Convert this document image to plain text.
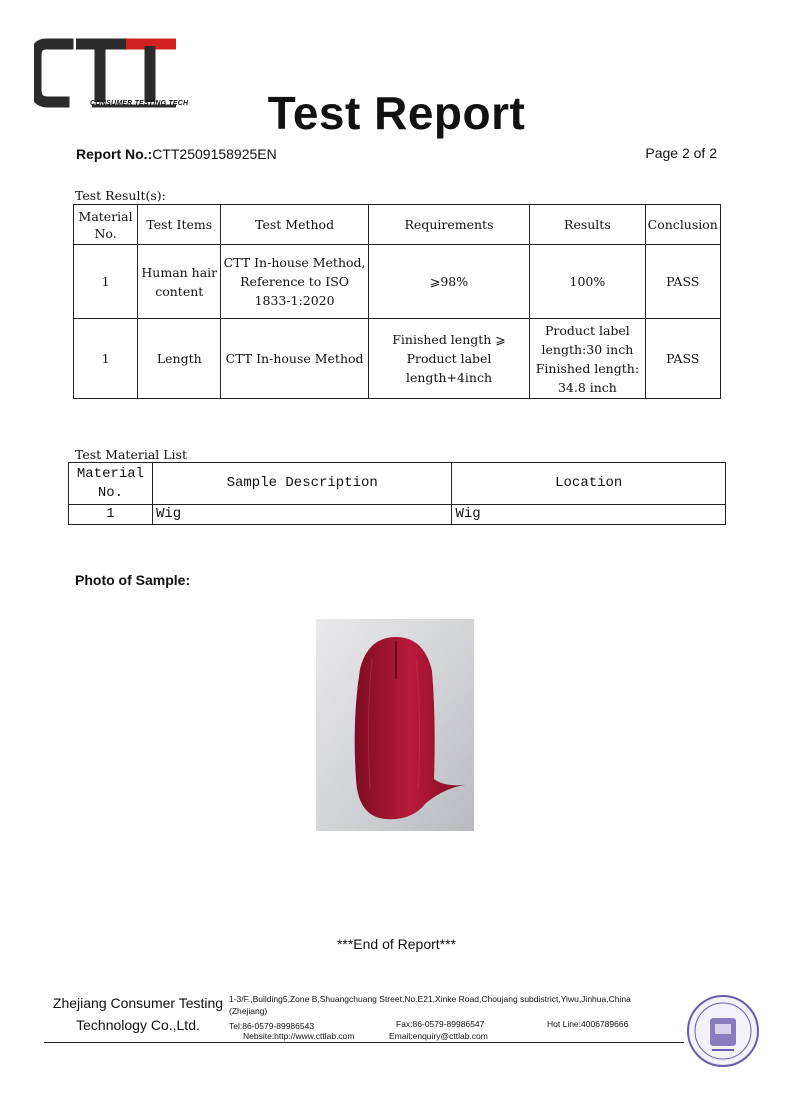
CONSUMER TESTING TECH	Test Report
Report No.:CTT2509158925EN	Page 2 of 2
Test Result(s):
Material No.	Test Items	Test Method	Requirements	Results	Conclusion
1	Human hair content	CTT In-house Method, Reference to ISO 1833-1:2020	⩾98%	100%	PASS
1	Length	CTT In-house Method	Finished length ⩾ Product label length+4inch	Product label length:30 inch Finished length: 34.8 inch	PASS
Test Material List
Material No.	Sample Description	Location
1	Wig	Wig
Photo of Sample:
***End of Report***
Zhejiang Consumer Testing
Technology Co.,Ltd.
1-3/F.,Building5,Zone B,Shuangchuang Street,No.E21,Xinke Road,Choujang subdistrict,Yiwu,Jinhua,China
(Zhejiang)
Tel:86-0579-89986543	Fax:86-0579-89986547	Hot Line:4006789666
Nebsite:http://www.cttlab.com	Email:enquiry@cttlab.com
